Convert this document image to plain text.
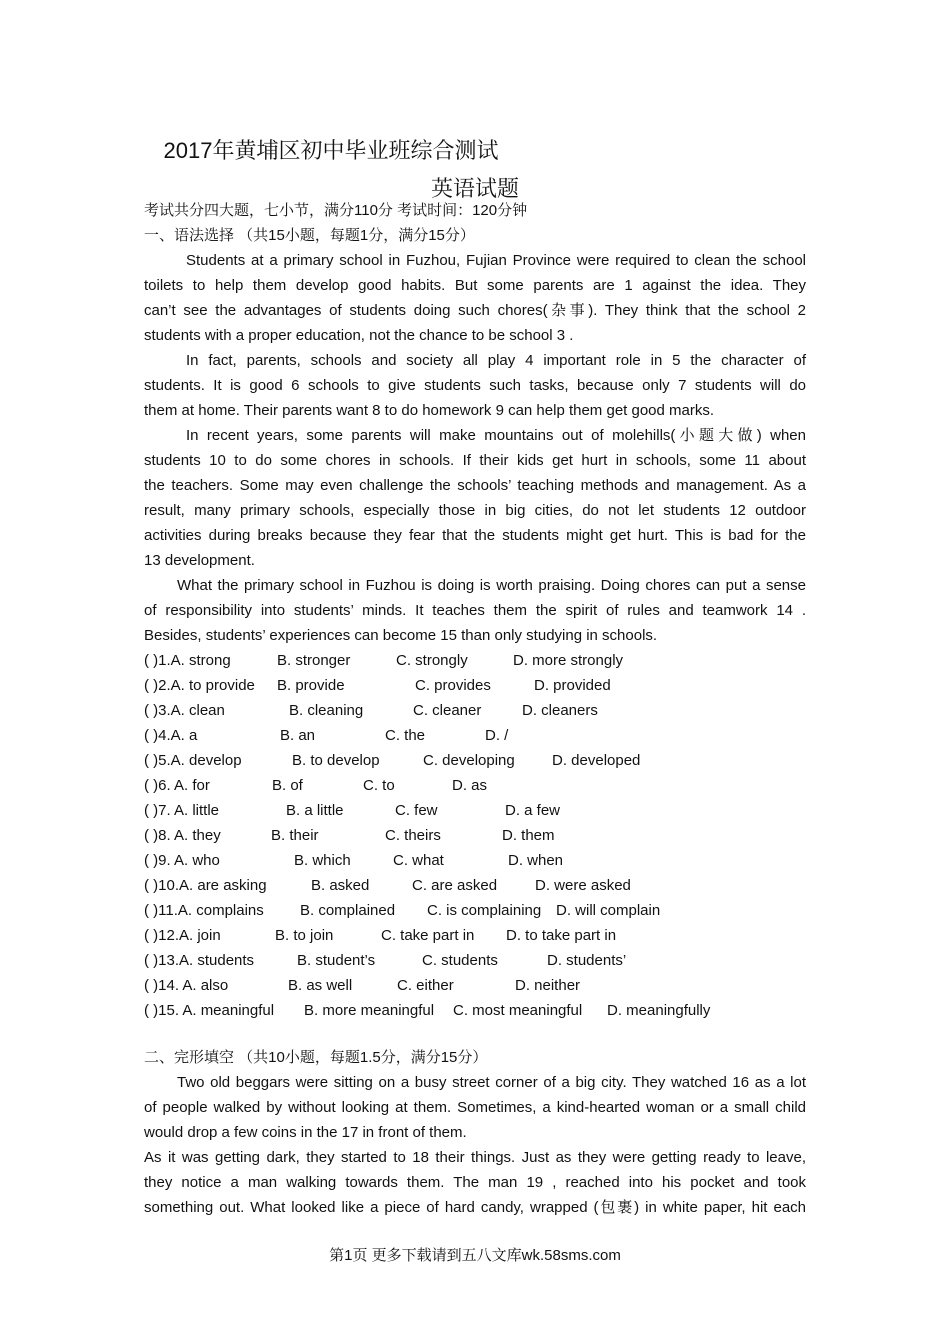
2017年黄埔区初中毕业班综合测试
英语试题
考试共分四大题，七小节，满分110分 考试时间：120分钟
一、语法选择 （共15小题，每题1分，满分15分）
Students at a primary school in Fuzhou, Fujian Province were required to clean the school
toilets to help them develop good habits. But some parents are 1 against the idea. They
can’t see the advantages of students doing such chores(杂事). They think that the school 2
students with a proper education, not the chance to be school 3 .
In fact, parents, schools and society all play 4 important role in 5 the character of
students. It is good 6 schools to give students such tasks, because only 7 students will do
them at home. Their parents want 8 to do homework 9 can help them get good marks.
In recent years, some parents will make mountains out of molehills(小题大做) when
students 10 to do some chores in schools. If their kids get hurt in schools, some 11 about
the teachers. Some may even challenge the schools’ teaching methods and management. As a
result, many primary schools, especially those in big cities, do not let students 12 outdoor
activities during breaks because they fear that the students might get hurt. This is bad for the
13 development.
What the primary school in Fuzhou is doing is worth praising. Doing chores can put a sense
of responsibility into students’ minds. It teaches them the spirit of rules and teamwork 14 .
Besides, students’ experiences can become 15 than only studying in schools.
( )1.A. strong	B. stronger	C. strongly	D. more strongly
( )2.A. to provide B. provide	C. provides	D. provided
( )3.A. clean	B. cleaning	C. cleaner	D. cleaners
( )4.A. a	B. an	C. the	D. /
( )5.A. develop	B. to develop	C. developing D. developed
( )6. A. for	B. of	C. to	D. as
( )7. A. little	B. a little	C. few	D. a few
( )8. A. they	B. their	C. theirs	D. them
( )9. A. who	B. which	C. what	D. when
( )10.A. are asking	B. asked	C. are asked	D. were asked
( )11.A. complains B. complained C. is complaining D. will complain
( )12.A. join	B. to join	C. take part in D. to take part in
( )13.A. students	B. student’s	C. students	D. students’
( )14. A. also	B. as well	C. either	D. neither
( )15. A. meaningful B. more meaningful C. most meaningful D. meaningfully
二、完形填空 （共10小题，每题1.5分，满分15分）
Two old beggars were sitting on a busy street corner of a big city. They watched 16 as a lot
of people walked by without looking at them. Sometimes, a kind-hearted woman or a small child
would drop a few coins in the 17 in front of them.
As it was getting dark, they started to 18 their things. Just as they were getting ready to leave,
they notice a man walking towards them. The man 19 , reached into his pocket and took
something out. What looked like a piece of hard candy, wrapped (包裹) in white paper, hit each
第1页 更多下载请到五八文库wk.58sms.com
